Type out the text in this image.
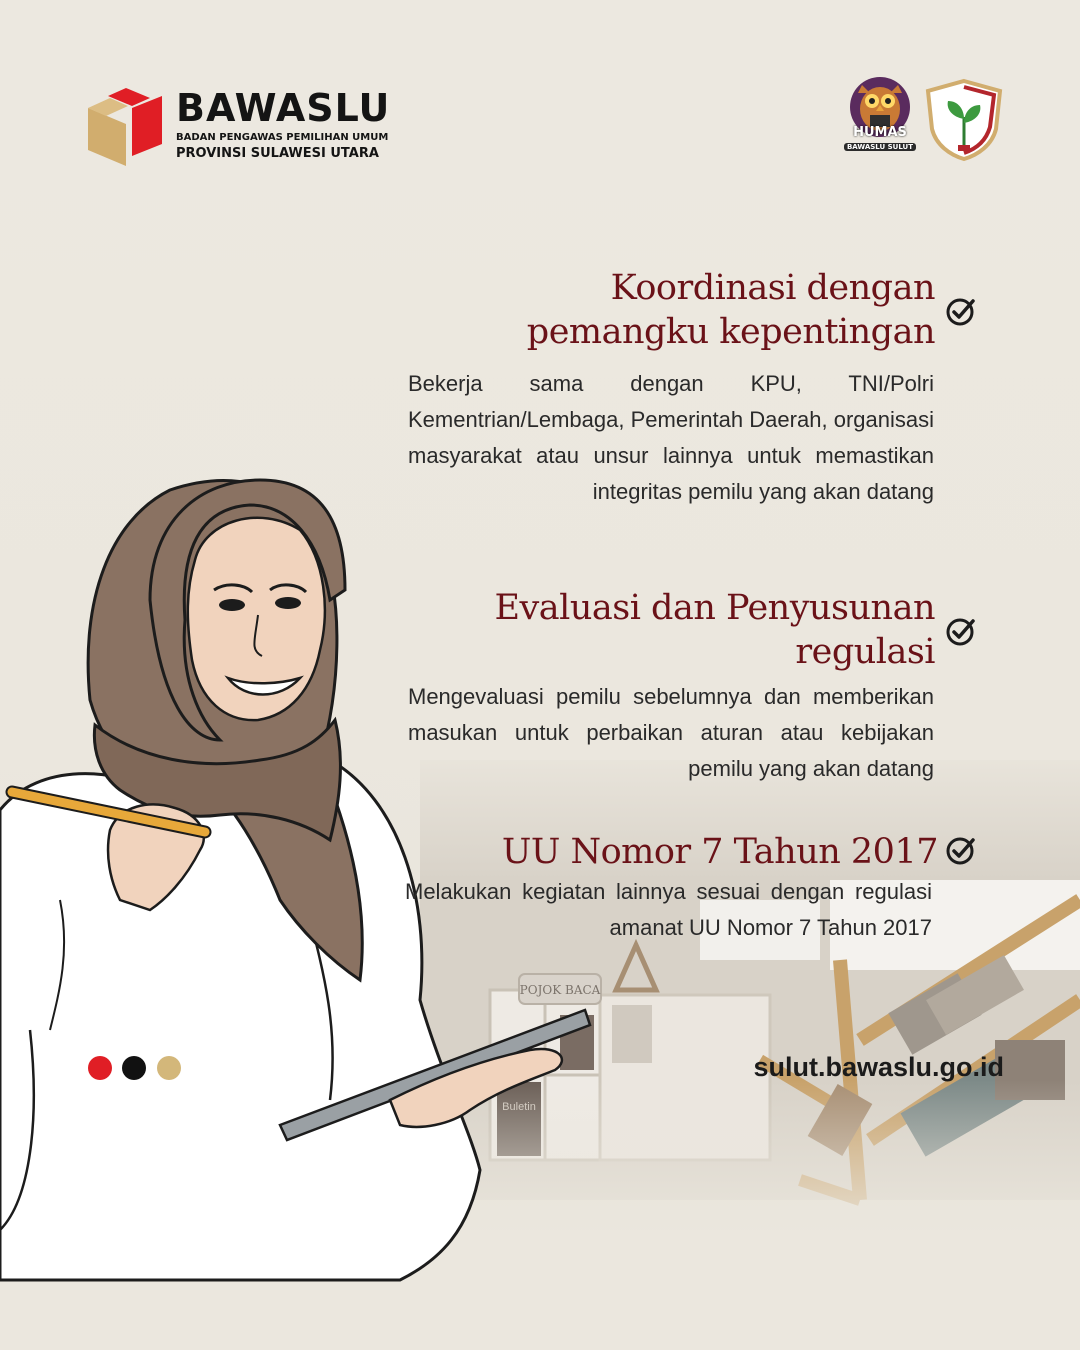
POJOK BACA
BAWASLU
BADAN PENGAWAS PEMILIHAN UMUM
PROVINSI SULAWESI UTARA
HUMAS
BAWASLU SULUT
Koordinasi dengan
pemangku kepentingan
Bekerja sama dengan KPU, TNI/Polri Kementrian/Lembaga, Pemerintah Daerah, organisasi masyarakat atau unsur lainnya untuk memastikan integritas pemilu yang akan datang
Evaluasi dan Penyusunan
regulasi
Mengevaluasi pemilu sebelumnya dan memberikan masukan untuk perbaikan aturan atau kebijakan pemilu yang akan datang
UU Nomor 7 Tahun 2017
Melakukan kegiatan lainnya sesuai dengan regulasi amanat UU Nomor 7 Tahun 2017
sulut.bawaslu.go.id
